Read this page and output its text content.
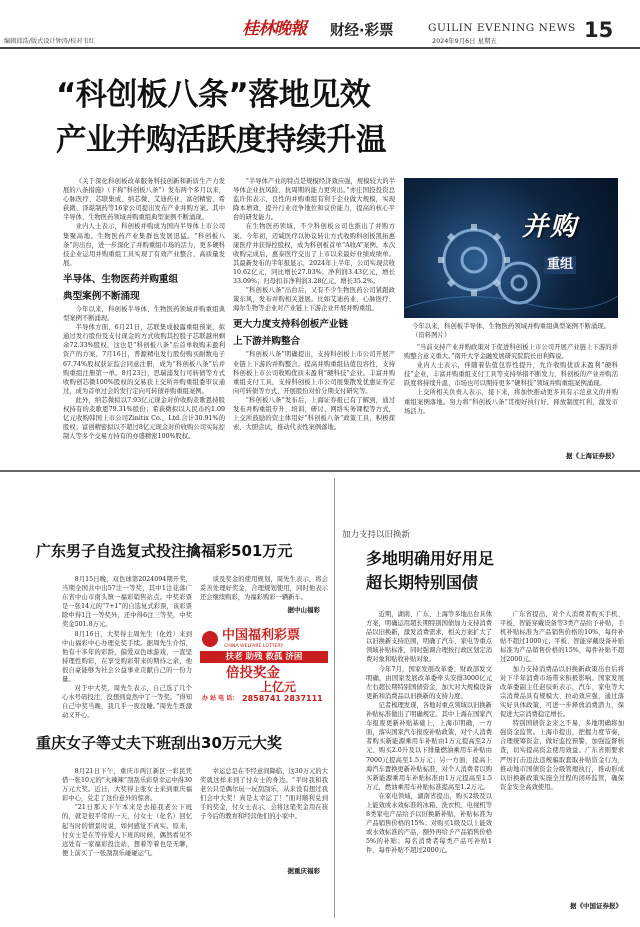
编辑邱浩/版式设计钟涛/校对韦红
桂林晚報 财经·彩票	GUILIN EVENING NEWS
2024年9月6日 星期五	15
“科创板八条”落地见效
产业并购活跃度持续升温

《关于深化科创板改革服务科技创新和新质生产力发展的八条措施》（下称“科创板八条”）发布两个多月以来，心脉医疗、芯联集成、纳芯微、艾迪药业、富创精密、希荻微、泽璟制药等16家公司提出发布产业并购方案。其中半导体、生物医药领域并购重组典型案例不断涌现。

业内人士表示，科创板并购成为国内半导体上市公司集聚高地。生物医药产业集群也发展迅猛。“科创板八条”的出台，进一步深化了并购重组市场的活力，更多硬科技企业运用并购重组工具实现了有效产业整合、高质量发展。

半导体、生物医药并购重组
典型案例不断涌现

今年以来，科创板半导体、生物医药领域并购重组典型案例不断涌现。

半导体方面，6月21日，芯联集成披露重组预案，拟通过发行股份及支付现金的方式收购其控股子芯联越州剩余72.33%股权，这也是“科创板八条”后首单收购未盈利资产的方案。7月16日，普源精电发行股份购买耐数电子67.74%股权获证监会同意注册，成为“科创板八条”后并购重组注册第一单。8月23日，思瑞浦发行可转债等方式收购创芯微100%股权的交易获上交所并购重组委审议通过，成为首单过会的发行定向可转债并购重组案例。

此外，纳芯微拟以7.93亿元现金对价收购麦歌恩持股权持有的麦歌恩79.31%股份；希荻微拟以人民币约1.09亿元收购韩国上市公司Zinitix Co.，Ltd.合计30.91%的股权；富创精密拟以不超过8亿元现金对价收购公司实际控制人等多个交易方持有的亦盛精密100%股权。

“半导体产业的特点是规模经济效应强，规模较大的半导体企业抗风险、抗周期的能力更突出。”亦庄国投投资总监许伟表示，良性的并购重组有利于企业做大规模，实现降本增效，提升行业竞争地位和议价能力，提高的核心平台的研发能力。

在生物医药领域，不少科创板公司也推出了并购方案。今年初，迈威医疗以协议转让方式收购科创板凯拓惠康医疗并获得控股权，成为科创板首单“A收A”案例。本次收购完成后，惠泰医疗交出了上市以来最好业绩成绩单。其最新发布的半年报显示，2024年上半年，公司实现营收10.62亿元，同比增长27.03%；净利润3.43亿元，增长33.09%；归母扣非净利润3.28亿元，增长35.2%。

“科创板八条”出台后，又有不少生物医药公司紧跟政策东风，发布并购相关进展。比如艾迪药业、心脉医疗、海尔生物等企业对产业链上下游企业开展并购重组。

更大力度支持科创板产业链
上下游并购整合

“科创板八条”明确提出，支持科创板上市公司开展产业链上下游的并购整合。提高并购重组估值包容性，支持科创板上市公司收购优质未盈利“硬科技”企业。丰富并购重组支付工具，支持科创板上市公司展集散发优惠证券定向可转债等方式，开展股份对价分期支付研究等。

“科创板八条”发布后，上海证券报已有了解到，通过发布并购重组专升、培训、研讨、网络实务课程等方式，上交所鼓励的资主体用好“科创板八条”政策工具，积极探索、大胆尝试，推动代表性案例落地。

并购
重组
今年以来，科创板半导体、生物医药领域并购重组典型案例不断涌现。（资料图片）

“当前支持产业并购政策对于促进科创板上市公司开展产业链上下游的并购整合意义重大。”南开大学金融发展研究院院长田利辉说。

业内人士表示，伴随着估值包容性提升，允许收购优质未盈利“硬科技”企业，丰富并购重组支付工具等支持举措不断发力，科创板的产业并购活跃度将持续升温，市场也可以期待更多“硬科技”领域并购重组案例涌现。

上交所相关负责人表示，接下来，将加快推动更多具有示范意义的并购重组案例落地。努力将“科创板八条”贯彻好执行好，释放制度红利，激发市场活力。

据《上海证券报》
广东男子自选复式投注擒福彩501万元

8月15日晚，双色球第2024094期开奖，当期全国共中出57注一等奖，其中1注花落广东省中山市南头镇一福彩销售站点。中奖彩票是一张14元的“7+1”的自选复式彩票，该彩票除中得1注一等奖外，还中得6注三等奖，中奖奖金501.8万元。

8月16日，大奖得主周先生（化姓）来到中山福彩中心办理兑奖手续。据周先生介绍，他有十多年的彩龄，偏爱双色球游戏，一直坚持理性购彩，在享受购彩带来的期待之余，他很自豪能够为社会公益事业贡献自己的一份力量。

对于中大奖，周先生表示，自己选了几个心水号码投注，没想到竟然中了一等奖。“得知自己中奖当晚，我几乎一夜没睡。”周先生既激动又开心。

谈及奖金的使用规划，周先生表示，将会妥善处理好奖金，合理规划使用，同时他表示还会继续购彩，为福彩购彩一辆新车。

据中山福彩
中国福利彩票
CHINA WELFARE LOTTERY
扶老 助残 救孤 济困
倍投奖金
上亿元
办 站 电 话： 2858741 2837111
重庆女子等丈夫下班刮出30万元大奖

8月21日下午，重庆市两江新区一彩民凭借一张10元的“火辣辣”刮刮乐彩票幸运中得30万元大奖。近日，大奖得主张女士来到重庆福彩中心，兑走了这份意外的惊喜。

“21日那天下午本来是去接我老公下班的，就是很平常的一天，付女士（化名）回忆起当时的情景时说，如何感觉不真实。原来，付女士是在等待爱人下班的时候，偶然看见不远处有一家福彩投注站，想着等着也是无聊，便上前买了一张刮刮乐碰碰运气。

幸运总是在不经意间降临，这30万元的大奖就这样来到了付女士的身边。“平时我和我老公只是偶尔玩一玩刮刮乐，从来没有想过我们会中大奖！真是太幸运了！”面对顺利兑到手的奖金，付女士表示，会将这笔奖金用在孩子今后的教育和经营他们的小家中。

据重庆福彩
加力支持以旧换新
多地明确用好用足
超长期特别国债

近期，湖南、广东、上海等多地出台具体方案，明确运用超长期特别国债加力支持消费品以旧换新，激发消费需求，相关方案扩大了以旧换新支持范围，明确了汽车、家电等重点领域补贴标准，同时强调合理按行政区划定消费对象和贴收补贴对象。

今年7月，国家发展改革委、财政部发文明确，由国家发展改革委牵头安排3000亿元左右超长期特别国债资金，加大对大规模设备更新和消费品以旧换新的支持力度。

记者梳理发现，各地对重点领域以旧换新补贴标准做出了明确规定。其中上海在国家汽车报废更新补贴基础上，上海市明确，一方面，落实国家汽车报废补贴政策，对个人消费者购买新能源乘用车补贴由1万元提高至2万元、购买2.0升及以下排量燃油乘用车补贴由7000元提高至1.5万元；另一方面，提高上海汽车置换更新补贴标准，对个人消费者以购买新能源乘用车补贴标准由1万元提高至1.5万元，燃油乘用车补贴标准提高至1.2万元。

在家电领域，湖南省提出，购买2级及以上能效或水效标准的冰箱、洗衣机、电视机等8类家电产品给予以旧换新补贴，补贴标准为产品销售价格的15%；对购买1级及以上能效或水效标准的产品，额外再给予产品销售价格5%的补贴；每名消费者每类产品可补贴1件，每件补贴不超过2000元。

广东省提出，对个人消费者购买手机、平板、智能穿戴设备等3类产品给予补贴，手机补贴标准为产品销售价格的10%，每件补贴不超过1000元；平板、智能穿戴设备补贴标准为产品销售价格的15%，每件补贴不超过2000元。

加力支持消费品以旧换新政策出台后将对下半年消费市场带来积极影响。国家发展改革委副主任赵辰昕表示，汽车、家电等大宗消费品具有规模大、拉动效应强，通过落实好具体政策，可进一步释放消费潜力，保促进大宗消费稳定增长。

特别国债资金来之不易，多地明确将加强资金监管。上海市提出，把握力度节奏，合理统筹资金，做好监控预警，加强监督核查，切实提高资金使用效益。广东省则要求严厉打击违法违规骗取套取补贴资金行为，推动地市国债资金分级管理执行，推动形成以旧换新政策实施全过程的闭环监管，确保资金安全高效使用。

据《中国证券报》
